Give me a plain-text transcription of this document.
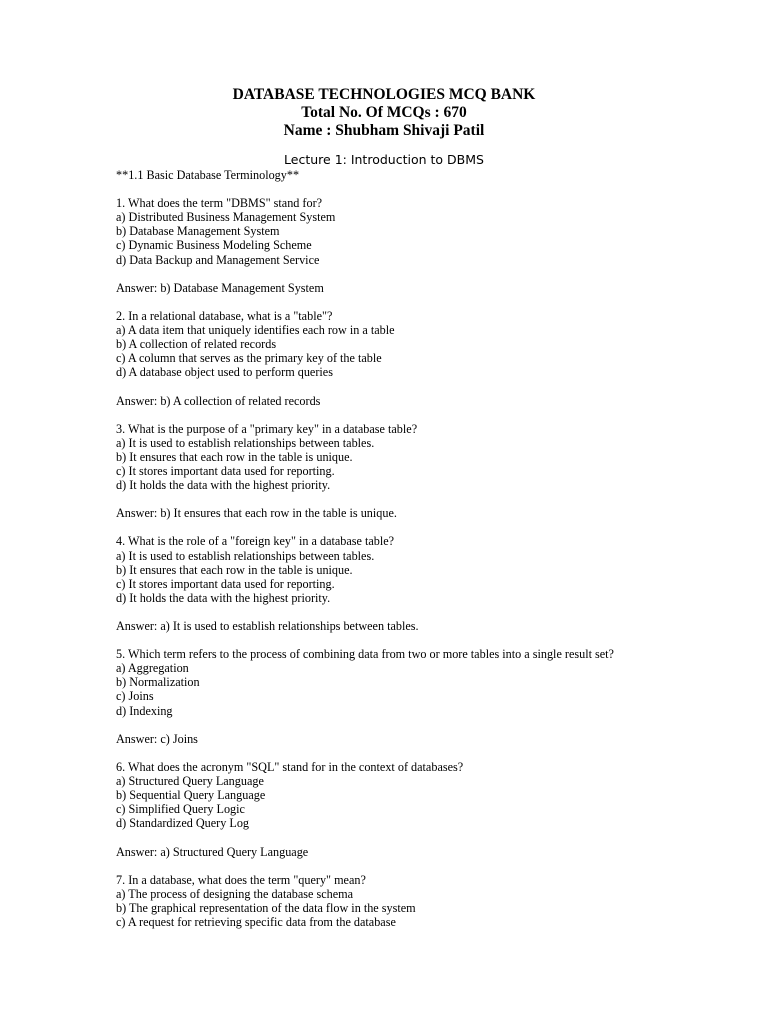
DATABASE TECHNOLOGIES MCQ BANK
Total No. Of MCQs : 670
Name : Shubham Shivaji Patil
Lecture 1: Introduction to DBMS
**1.1 Basic Database Terminology**
1. What does the term "DBMS" stand for?
a) Distributed Business Management System
b) Database Management System
c) Dynamic Business Modeling Scheme
d) Data Backup and Management Service
Answer: b) Database Management System
2. In a relational database, what is a "table"?
a) A data item that uniquely identifies each row in a table
b) A collection of related records
c) A column that serves as the primary key of the table
d) A database object used to perform queries
Answer: b) A collection of related records
3. What is the purpose of a "primary key" in a database table?
a) It is used to establish relationships between tables.
b) It ensures that each row in the table is unique.
c) It stores important data used for reporting.
d) It holds the data with the highest priority.
Answer: b) It ensures that each row in the table is unique.
4. What is the role of a "foreign key" in a database table?
a) It is used to establish relationships between tables.
b) It ensures that each row in the table is unique.
c) It stores important data used for reporting.
d) It holds the data with the highest priority.
Answer: a) It is used to establish relationships between tables.
5. Which term refers to the process of combining data from two or more tables into a single result set?
a) Aggregation
b) Normalization
c) Joins
d) Indexing
Answer: c) Joins
6. What does the acronym "SQL" stand for in the context of databases?
a) Structured Query Language
b) Sequential Query Language
c) Simplified Query Logic
d) Standardized Query Log
Answer: a) Structured Query Language
7. In a database, what does the term "query" mean?
a) The process of designing the database schema
b) The graphical representation of the data flow in the system
c) A request for retrieving specific data from the database
